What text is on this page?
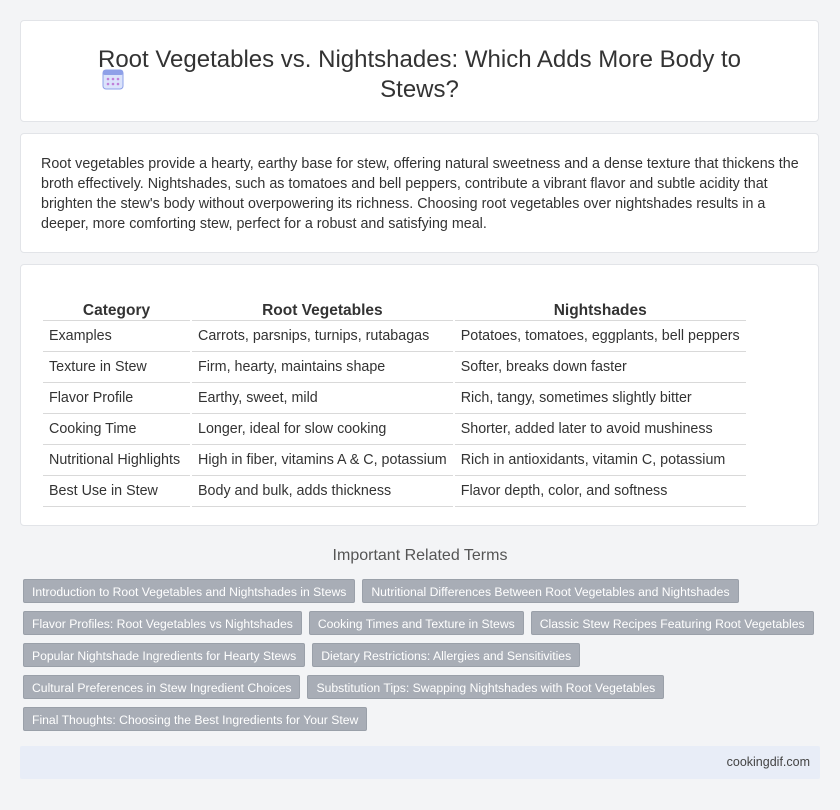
Root Vegetables vs. Nightshades: Which Adds More Body to Stews?

Root vegetables provide a hearty, earthy base for stew, offering natural sweetness and a dense texture that thickens the broth effectively. Nightshades, such as tomatoes and bell peppers, contribute a vibrant flavor and subtle acidity that brighten the stew's body without overpowering its richness. Choosing root vegetables over nightshades results in a deeper, more comforting stew, perfect for a robust and satisfying meal.

Category	Root Vegetables	Nightshades
Examples	Carrots, parsnips, turnips, rutabagas	Potatoes, tomatoes, eggplants, bell peppers
Texture in Stew	Firm, hearty, maintains shape	Softer, breaks down faster
Flavor Profile	Earthy, sweet, mild	Rich, tangy, sometimes slightly bitter
Cooking Time	Longer, ideal for slow cooking	Shorter, added later to avoid mushiness
Nutritional Highlights	High in fiber, vitamins A & C, potassium	Rich in antioxidants, vitamin C, potassium
Best Use in Stew	Body and bulk, adds thickness	Flavor depth, color, and softness
Important Related Terms
Introduction to Root Vegetables and Nightshades in Stews	Nutritional Differences Between Root Vegetables and Nightshades
Flavor Profiles: Root Vegetables vs Nightshades	Cooking Times and Texture in Stews	Classic Stew Recipes Featuring Root Vegetables
Popular Nightshade Ingredients for Hearty Stews	Dietary Restrictions: Allergies and Sensitivities
Cultural Preferences in Stew Ingredient Choices	Substitution Tips: Swapping Nightshades with Root Vegetables
Final Thoughts: Choosing the Best Ingredients for Your Stew
cookingdif.com
